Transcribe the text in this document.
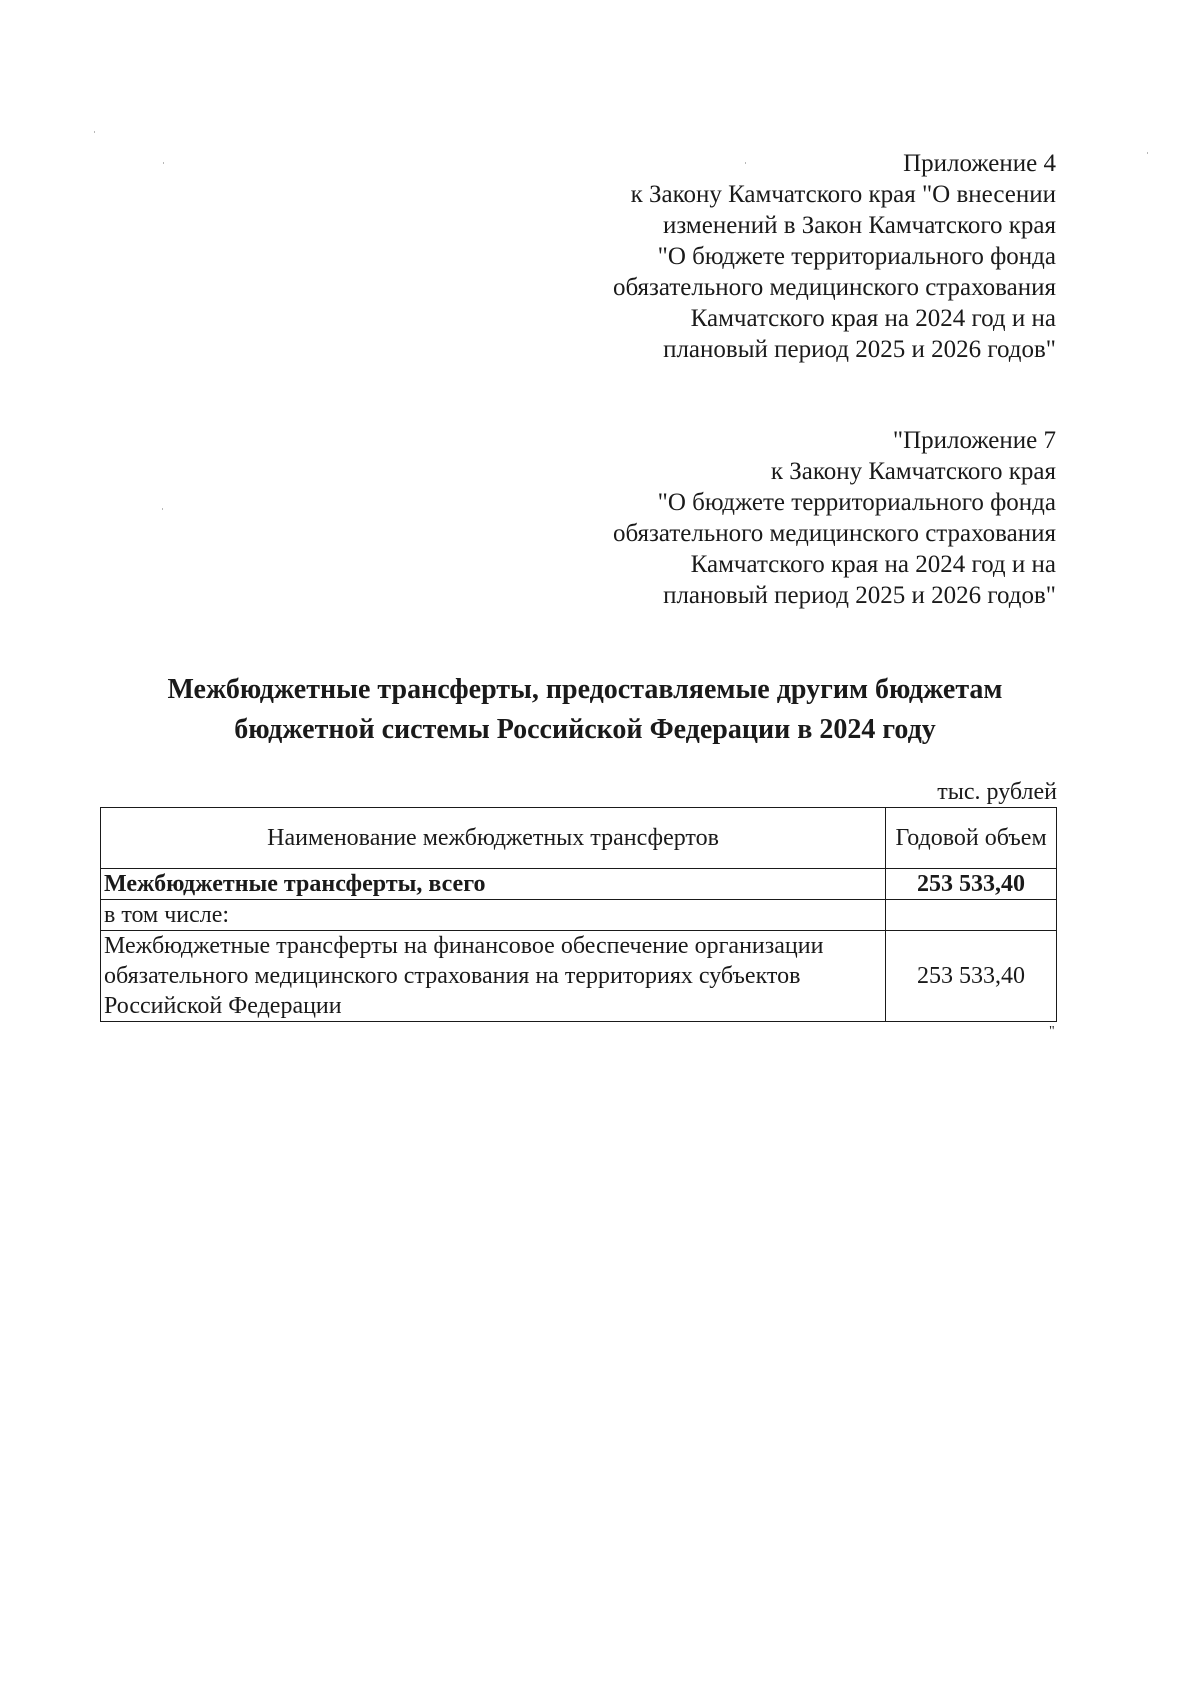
Приложение 4
к Закону Камчатского края "О внесении
изменений в Закон Камчатского края
"О бюджете территориального фонда
обязательного медицинского страхования
Камчатского края на 2024 год и на
плановый период 2025 и 2026 годов"
"Приложение 7
к Закону Камчатского края
"О бюджете территориального фонда
обязательного медицинского страхования
Камчатского края на 2024 год и на
плановый период 2025 и 2026 годов"
Межбюджетные трансферты, предоставляемые другим бюджетам
бюджетной системы Российской Федерации в 2024 году
тыс. рублей
Наименование межбюджетных трансфертов	Годовой объем
Межбюджетные трансферты, всего	253 533,40
в том числе:	
Межбюджетные трансферты на финансовое обеспечение организации обязательного медицинского страхования на территориях субъектов Российской Федерации	253 533,40
"
